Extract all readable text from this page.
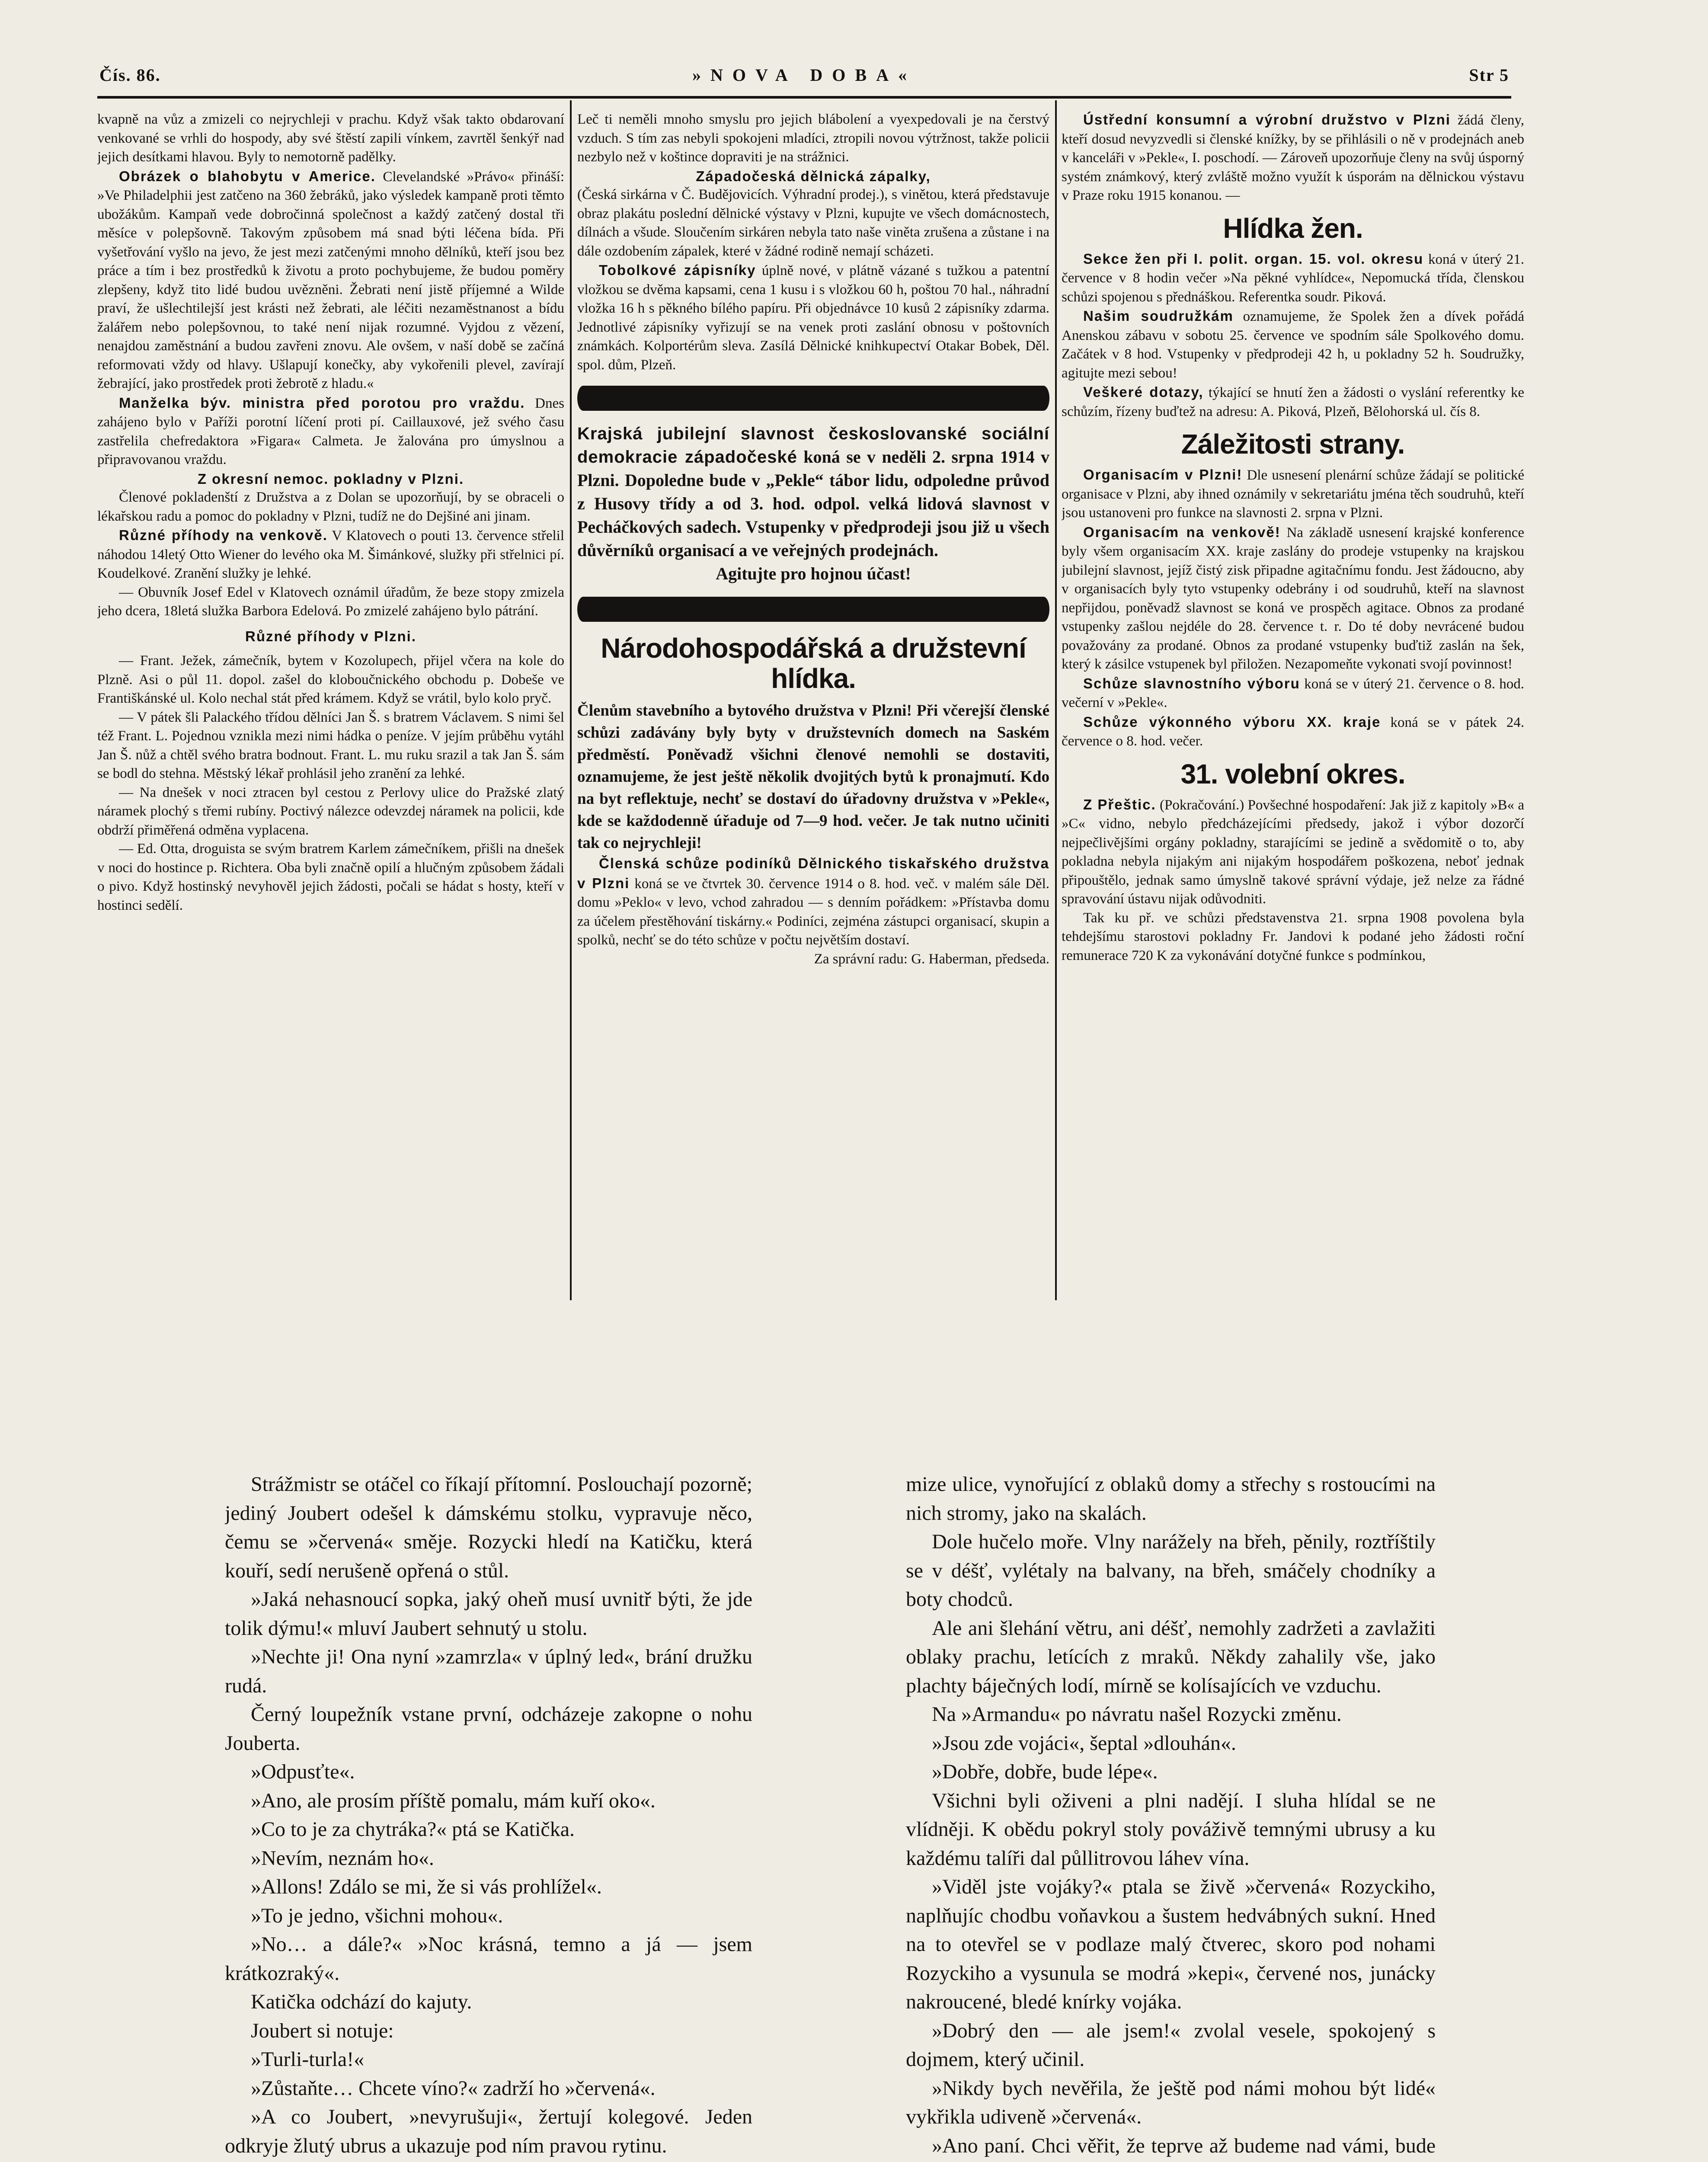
Čís. 86.	»NOVA DOBA«	Str 5

kvapně na vůz a zmizeli co nejrychleji v prachu. Když však takto obdarovaní venkované se vrhli do hospody, aby své štěstí zapili vínkem, zavrtěl šenkýř nad jejich desítkami hlavou. Byly to nemotorně padělky.

Obrázek o blahobytu v Americe. Clevelandské »Právo« přináší: »Ve Philadelphii jest zatčeno na 360 žebráků, jako výsledek kampaně proti těmto ubožákům. Kampaň vede dobročinná společnost a každý zatčený dostal tři měsíce v polepšovně. Takovým způsobem má snad býti léčena bída. Při vyšetřování vyšlo na jevo, že jest mezi zatčenými mnoho dělníků, kteří jsou bez práce a tím i bez prostředků k životu a proto pochybujeme, že budou poměry zlepšeny, když tito lidé budou uvězněni. Žebrati není jistě příjemné a Wilde praví, že ušlechtilejší jest krásti než žebrati, ale léčiti nezaměstnanost a bídu žalářem nebo polepšovnou, to také není nijak rozumné. Vyjdou z vězení, nenajdou zaměstnání a budou zavřeni znovu. Ale ovšem, v naší době se začíná reformovati vždy od hlavy. Ušlapují konečky, aby vykořenili plevel, zavírají žebrající, jako prostředek proti žebrotě z hladu.«

Manželka býv. ministra před porotou pro vraždu. Dnes zahájeno bylo v Paříži porotní líčení proti pí. Caillauxové, jež svého času zastřelila chefredaktora »Figara« Calmeta. Je žalována pro úmyslnou a připravovanou vraždu.

Z okresní nemoc. pokladny v Plzni.

Členové pokladenští z Družstva a z Dolan se upozorňují, by se obraceli o lékařskou radu a pomoc do pokladny v Plzni, tudíž ne do Dejšiné ani jinam.

Různé příhody na venkově. V Klatovech o pouti 13. července střelil náhodou 14letý Otto Wiener do levého oka M. Šimánkové, služky při střelnici pí. Koudelkové. Zranění služky je lehké.

— Obuvník Josef Edel v Klatovech oznámil úřadům, že beze stopy zmizela jeho dcera, 18letá služka Barbora Edelová. Po zmizelé zahájeno bylo pátrání.

Různé příhody v Plzni.

— Frant. Ježek, zámečník, bytem v Kozolupech, přijel včera na kole do Plzně. Asi o půl 11. dopol. zašel do kloboučnického obchodu p. Dobeše ve Františkánské ul. Kolo nechal stát před krámem. Když se vrátil, bylo kolo pryč.

— V pátek šli Palackého třídou dělníci Jan Š. s bratrem Václavem. S nimi šel též Frant. L. Pojednou vznikla mezi nimi hádka o peníze. V jejím průběhu vytáhl Jan Š. nůž a chtěl svého bratra bodnout. Frant. L. mu ruku srazil a tak Jan Š. sám se bodl do stehna. Městský lékař prohlásil jeho zranění za lehké.

— Na dnešek v noci ztracen byl cestou z Perlovy ulice do Pražské zlatý náramek plochý s třemi rubíny. Poctivý nálezce odevzdej náramek na policii, kde obdrží přiměřená odměna vyplacena.

— Ed. Otta, droguista se svým bratrem Karlem zámečníkem, přišli na dnešek v noci do hostince p. Richtera. Oba byli značně opilí a hlučným způsobem žádali o pivo. Když hostinský nevyhověl jejich žádosti, počali se hádat s hosty, kteří v hostinci sedělí.

Leč ti neměli mnoho smyslu pro jejich blábolení a vyexpedovali je na čerstvý vzduch. S tím zas nebyli spokojeni mladíci, ztropili novou výtržnost, takže policii nezbylo než v koštince dopraviti je na strážnici.

Západočeská dělnická zápalky,

(Česká sirkárna v Č. Budějovicích. Výhradní prodej.), s vinětou, která představuje obraz plakátu poslední dělnické výstavy v Plzni, kupujte ve všech domácnostech, dílnách a všude. Sloučením sirkáren nebyla tato naše viněta zrušena a zůstane i na dále ozdobením zápalek, které v žádné rodině nemají scházeti.

Tobolkové zápisníky úplně nové, v plátně vázané s tužkou a patentní vložkou se dvěma kapsami, cena 1 kusu i s vložkou 60 h, poštou 70 hal., náhradní vložka 16 h s pěkného bílého papíru. Při objednávce 10 kusů 2 zápisníky zdarma. Jednotlivé zápisníky vyřizují se na venek proti zaslání obnosu v poštovních známkách. Kolportérům sleva. Zasílá Dělnické knihkupectví Otakar Bobek, Děl. spol. dům, Plzeň.

Krajská jubilejní slavnost českoslovanské sociální demokracie západočeské koná se v neděli 2. srpna 1914 v Plzni. Dopoledne bude v „Pekle“ tábor lidu, odpoledne průvod z Husovy třídy a od 3. hod. odpol. velká lidová slavnost v Pecháčkových sadech. Vstupenky v předprodeji jsou již u všech důvěrníků organisací a ve veřejných prodejnách.

Agitujte pro hojnou účast!

Národohospodářská a družstevní hlídka.

Členům stavebního a bytového družstva v Plzni! Při včerejší členské schůzi zadávány byly byty v družstevních domech na Saském předměstí. Poněvadž všichni členové nemohli se dostaviti, oznamujeme, že jest ještě několik dvojitých bytů k pronajmutí. Kdo na byt reflektuje, nechť se dostaví do úřadovny družstva v »Pekle«, kde se každodenně úřaduje od 7—9 hod. večer. Je tak nutno učiniti tak co nejrychleji!

Členská schůze podiníků Dělnického tiskařského družstva v Plzni koná se ve čtvrtek 30. července 1914 o 8. hod. več. v malém sále Děl. domu »Peklo« v levo, vchod zahradou — s denním pořádkem: »Přístavba domu za účelem přestěhování tiskárny.« Podiníci, zejména zástupci organisací, skupin a spolků, nechť se do této schůze v počtu největším dostaví.

Za správní radu: G. Haberman, předseda.

Ústřední konsumní a výrobní družstvo v Plzni žádá členy, kteří dosud nevyzvedli si členské knížky, by se přihlásili o ně v prodejnách aneb v kanceláři v »Pekle«, I. poschodí. — Zároveň upozorňuje členy na svůj úsporný systém známkový, který zvláště možno využít k úsporám na dělnickou výstavu v Praze roku 1915 konanou. —

Hlídka žen.

Sekce žen při I. polit. organ. 15. vol. okresu koná v úterý 21. července v 8 hodin večer »Na pěkné vyhlídce«, Nepomucká třída, členskou schůzi spojenou s přednáškou. Referentka soudr. Piková.

Našim soudružkám oznamujeme, že Spolek žen a dívek pořádá Anenskou zábavu v sobotu 25. července ve spodním sále Spolkového domu. Začátek v 8 hod. Vstupenky v předprodeji 42 h, u pokladny 52 h. Soudružky, agitujte mezi sebou!

Veškeré dotazy, týkající se hnutí žen a žádosti o vyslání referentky ke schůzím, řízeny buďtež na adresu: A. Piková, Plzeň, Bělohorská ul. čís 8.

Záležitosti strany.

Organisacím v Plzni! Dle usnesení plenární schůze žádají se politické organisace v Plzni, aby ihned oznámily v sekretariátu jména těch soudruhů, kteří jsou ustanoveni pro funkce na slavnosti 2. srpna v Plzni.

Organisacím na venkově! Na základě usnesení krajské konference byly všem organisacím XX. kraje zaslány do prodeje vstupenky na krajskou jubilejní slavnost, jejíž čistý zisk připadne agitačnímu fondu. Jest žádoucno, aby v organisacích byly tyto vstupenky odebrány i od soudruhů, kteří na slavnost nepřijdou, poněvadž slavnost se koná ve prospěch agitace. Obnos za prodané vstupenky zašlou nejdéle do 28. července t. r. Do té doby nevrácené budou považovány za prodané. Obnos za prodané vstupenky buďtiž zaslán na šek, který k zásilce vstupenek byl přiložen. Nezapomeňte vykonati svojí povinnost!

Schůze slavnostního výboru koná se v úterý 21. července o 8. hod. večerní v »Pekle«.

Schůze výkonného výboru XX. kraje koná se v pátek 24. července o 8. hod. večer.

31. volební okres.

Z Přeštic. (Pokračování.) Povšechné hospodaření: Jak již z kapitoly »B« a »C« vidno, nebylo předcházejícími předsedy, jakož i výbor dozorčí nejpečlivějšími orgány pokladny, starajícími se jedině a svědomitě o to, aby pokladna nebyla nijakým ani nijakým hospodářem poškozena, neboť jednak připouštělo, jednak samo úmyslně takové správní výdaje, jež nelze za řádné spravování ústavu nijak odůvodniti.

Tak ku př. ve schůzi představenstva 21. srpna 1908 povolena byla tehdejšímu starostovi pokladny Fr. Jandovi k podané jeho žádosti roční remunerace 720 K za vykonávání dotyčné funkce s podmínkou,

Strážmistr se otáčel co říkají přítomní. Poslouchají pozorně; jediný Joubert odešel k dámskému stolku, vypravuje něco, čemu se »červená« směje. Rozycki hledí na Katičku, která kouří, sedí nerušeně opřená o stůl.

»Jaká nehasnoucí sopka, jaký oheň musí uvnitř býti, že jde tolik dýmu!« mluví Jaubert sehnutý u stolu.

»Nechte ji! Ona nyní »zamrzla« v úplný led«, brání družku rudá.

Černý loupežník vstane první, odcházeje zakopne o nohu Jouberta.

»Odpusťte«.

»Ano, ale prosím příště pomalu, mám kuří oko«.

»Co to je za chytráka?« ptá se Katička.

»Nevím, neznám ho«.

»Allons! Zdálo se mi, že si vás prohlížel«.

»To je jedno, všichni mohou«.

»No… a dále?« »Noc krásná, temno a já — jsem krátkozraký«.

Katička odchází do kajuty.

Joubert si notuje:

»Turli-turla!«

»Zůstaňte… Chcete víno?« zadrží ho »červená«.

»A co Joubert, »nevyrušuji«, žertují kolegové. Jeden odkryje žlutý ubrus a ukazuje pod ním pravou rytinu.

mize ulice, vynořující z oblaků domy a střechy s rostoucími na nich stromy, jako na skalách.

Dole hučelo moře. Vlny narážely na břeh, pěnily, roztříštily se v déšť, vylétaly na balvany, na břeh, smáčely chodníky a boty chodců.

Ale ani šlehání větru, ani déšť, nemohly zadržeti a zavlažiti oblaky prachu, letících z mraků. Někdy zahalily vše, jako plachty báječných lodí, mírně se kolísajících ve vzduchu.

Na »Armandu« po návratu našel Rozycki změnu.

»Jsou zde vojáci«, šeptal »dlouhán«.

»Dobře, dobře, bude lépe«.

Všichni byli oživeni a plni nadějí. I sluha hlídal se ne vlídněji. K obědu pokryl stoly pováživě temnými ubrusy a ku každému talíři dal půllitrovou láhev vína.

»Viděl jste vojáky?« ptala se živě »červená« Rozyckiho, naplňujíc chodbu voňavkou a šustem hedvábných sukní. Hned na to otevřel se v podlaze malý čtverec, skoro pod nohami Rozyckiho a vysunula se modrá »kepi«, červené nos, junácky nakroucené, bledé knírky vojáka.

»Dobrý den — ale jsem!« zvolal vesele, spokojený s dojmem, který učinil.

»Nikdy bych nevěřila, že ještě pod námi mohou být lidé« vykřikla udiveně »červená«.

»Ano paní. Chci věřit, že teprve až budeme nad vámi, bude
